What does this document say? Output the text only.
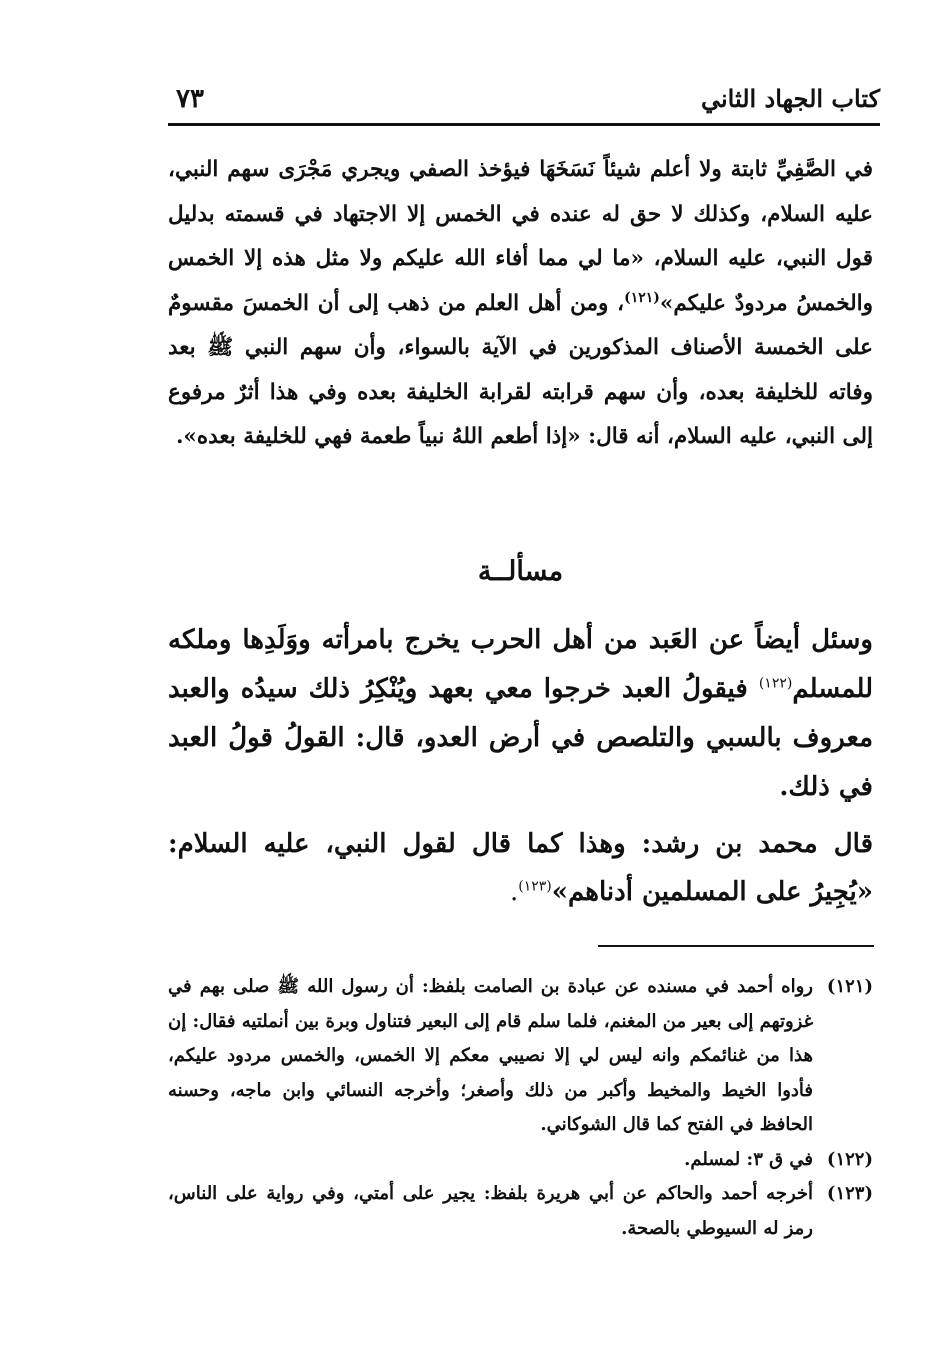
كتاب الجهاد الثاني
٧٣

في الصَّفِيِّ ثابتة ولا أعلم شيئاً نَسَخَهَا فيؤخذ الصفي ويجري مَجْرَى سهم النبي، عليه السلام، وكذلك لا حق له عنده في الخمس إلا الاجتهاد في قسمته بدليل قول النبي، عليه السلام، «ما لي مما أفاء الله عليكم ولا مثل هذه إلا الخمس والخمسُ مردودٌ عليكم»$^{(١٢١)}$، ومن أهل العلم من ذهب إلى أن الخمسَ مقسومٌ على الخمسة الأصناف المذكورين في الآية بالسواء، وأن سهم النبي ﷺ بعد وفاته للخليفة بعده، وأن سهم قرابته لقرابة الخليفة بعده وفي هذا أثرٌ مرفوع إلى النبي، عليه السلام، أنه قال: «إذا أطعم اللهُ نبياً طعمة فهي للخليفة بعده».

مسألــة

وسئل أيضاً عن العَبد من أهل الحرب يخرج بامرأته ووَلَدِها وملكه للمسلم$^{(١٢٢)}$ فيقولُ العبد خرجوا معي بعهد ويُنْكِرُ ذلك سيدُه والعبد معروف بالسبي والتلصص في أرض العدو، قال: القولُ قولُ العبد في ذلك.

قال محمد بن رشد: وهذا كما قال لقول النبي، عليه السلام: «يُجِيرُ على المسلمين أدناهم»$^{(١٢٣)}$.

(١٢١)
رواه أحمد في مسنده عن عبادة بن الصامت بلفظ: أن رسول الله ﷺ صلى بهم في غزوتهم إلى بعير من المغنم، فلما سلم قام إلى البعير فتناول وبرة بين أنملتيه فقال: إن هذا من غنائمكم وانه ليس لي إلا نصيبي معكم إلا الخمس، والخمس مردود عليكم، فأدوا الخيط والمخيط وأكبر من ذلك وأصغر؛ وأخرجه النسائي وابن ماجه، وحسنه الحافظ في الفتح كما قال الشوكاني.
(١٢٢)
في ق ٣: لمسلم.
(١٢٣)
أخرجه أحمد والحاكم عن أبي هريرة بلفظ: يجير على أمتي، وفي رواية على الناس، رمز له السيوطي بالصحة.
